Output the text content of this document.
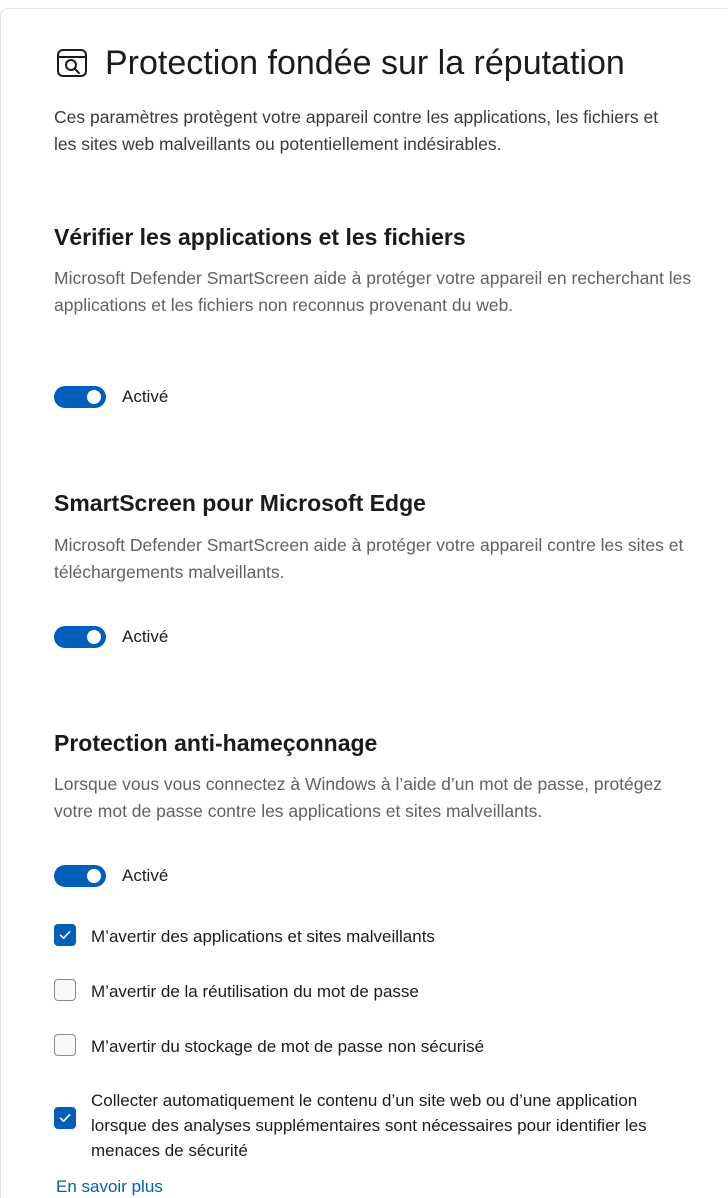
Protection fondée sur la réputation
Ces paramètres protègent votre appareil contre les applications, les fichiers et les sites web malveillants ou potentiellement indésirables.
Vérifier les applications et les fichiers
Microsoft Defender SmartScreen aide à protéger votre appareil en recherchant les applications et les fichiers non reconnus provenant du web.
Activé
SmartScreen pour Microsoft Edge
Microsoft Defender SmartScreen aide à protéger votre appareil contre les sites et téléchargements malveillants.
Activé
Protection anti-hameçonnage
Lorsque vous vous connectez à Windows à l’aide d’un mot de passe, protégez votre mot de passe contre les applications et sites malveillants.
Activé
M’avertir des applications et sites malveillants
M’avertir de la réutilisation du mot de passe
M’avertir du stockage de mot de passe non sécurisé
Collecter automatiquement le contenu d’un site web ou d’une application lorsque des analyses supplémentaires sont nécessaires pour identifier les menaces de sécurité
En savoir plus
